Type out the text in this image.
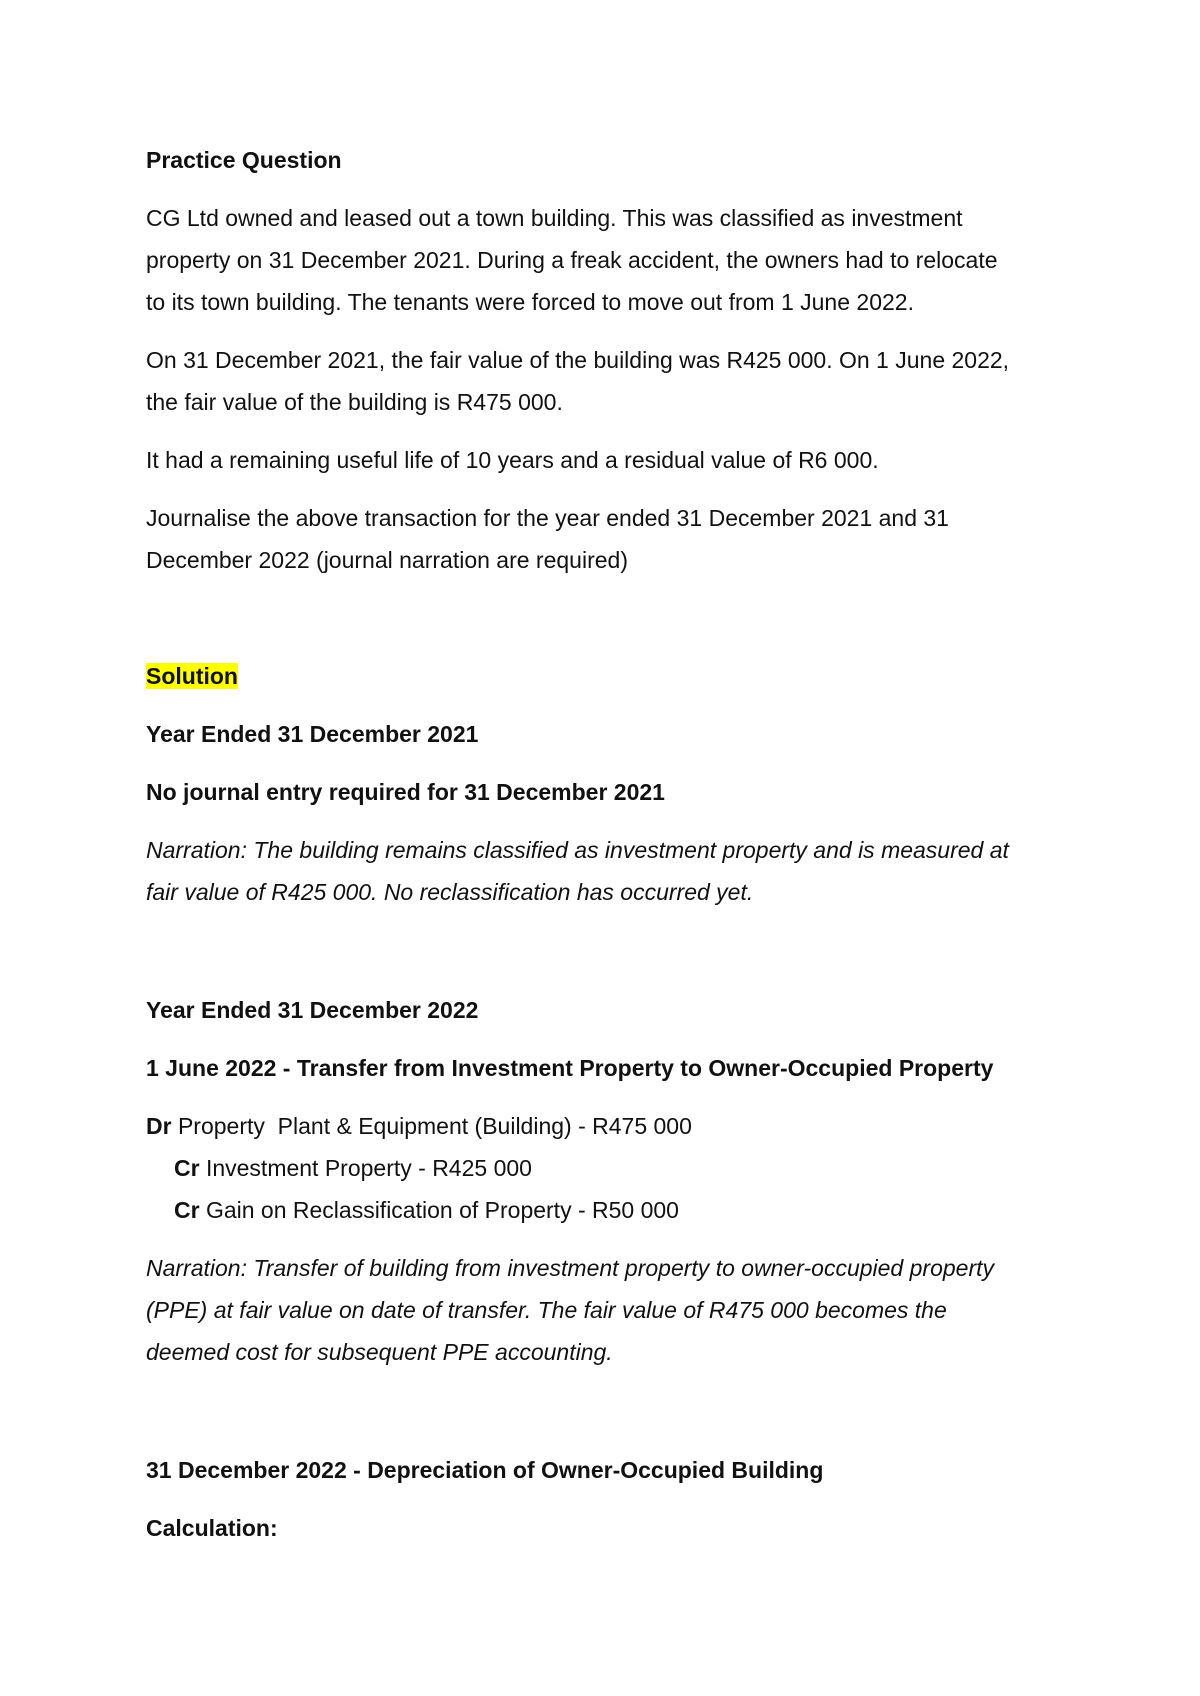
Practice Question

CG Ltd owned and leased out a town building. This was classified as investment

property on 31 December 2021. During a freak accident, the owners had to relocate

to its town building. The tenants were forced to move out from 1 June 2022.

On 31 December 2021, the fair value of the building was R425 000. On 1 June 2022,

the fair value of the building is R475 000.

It had a remaining useful life of 10 years and a residual value of R6 000.

Journalise the above transaction for the year ended 31 December 2021 and 31

December 2022 (journal narration are required)

Solution

Year Ended 31 December 2021

No journal entry required for 31 December 2021

Narration: The building remains classified as investment property and is measured at

fair value of R425 000. No reclassification has occurred yet.

Year Ended 31 December 2022

1 June 2022 - Transfer from Investment Property to Owner-Occupied Property

Dr Property  Plant & Equipment (Building) - R475 000

Cr Investment Property - R425 000

Cr Gain on Reclassification of Property - R50 000

Narration: Transfer of building from investment property to owner-occupied property

(PPE) at fair value on date of transfer. The fair value of R475 000 becomes the

deemed cost for subsequent PPE accounting.

31 December 2022 - Depreciation of Owner-Occupied Building

Calculation:
